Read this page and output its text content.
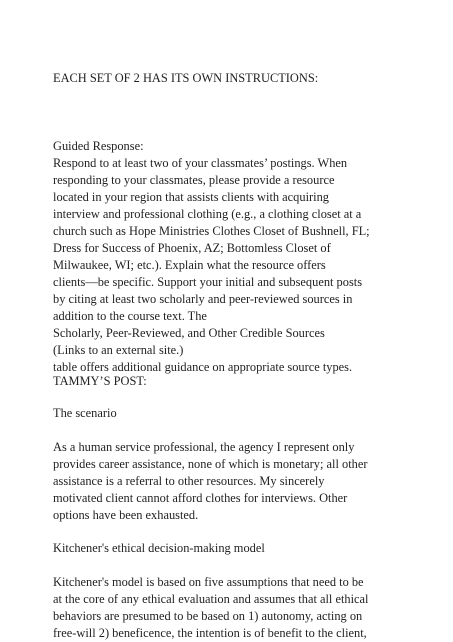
EACH SET OF 2 HAS ITS OWN INSTRUCTIONS:
Guided Response:
Respond to at least two of your classmates’ postings. When
responding to your classmates, please provide a resource
located in your region that assists clients with acquiring
interview and professional clothing (e.g., a clothing closet at a
church such as Hope Ministries Clothes Closet of Bushnell, FL;
Dress for Success of Phoenix, AZ; Bottomless Closet of
Milwaukee, WI; etc.). Explain what the resource offers
clients—be specific. Support your initial and subsequent posts
by citing at least two scholarly and peer-reviewed sources in
addition to the course text. The
Scholarly, Peer-Reviewed, and Other Credible Sources
(Links to an external site.)
table offers additional guidance on appropriate source types.
TAMMY’S POST:
The scenario
As a human service professional, the agency I represent only
provides career assistance, none of which is monetary; all other
assistance is a referral to other resources. My sincerely
motivated client cannot afford clothes for interviews. Other
options have been exhausted.
Kitchener's ethical decision-making model
Kitchener's model is based on five assumptions that need to be
at the core of any ethical evaluation and assumes that all ethical
behaviors are presumed to be based on 1) autonomy, acting on
free-will 2) beneficence, the intention is of benefit to the client,
